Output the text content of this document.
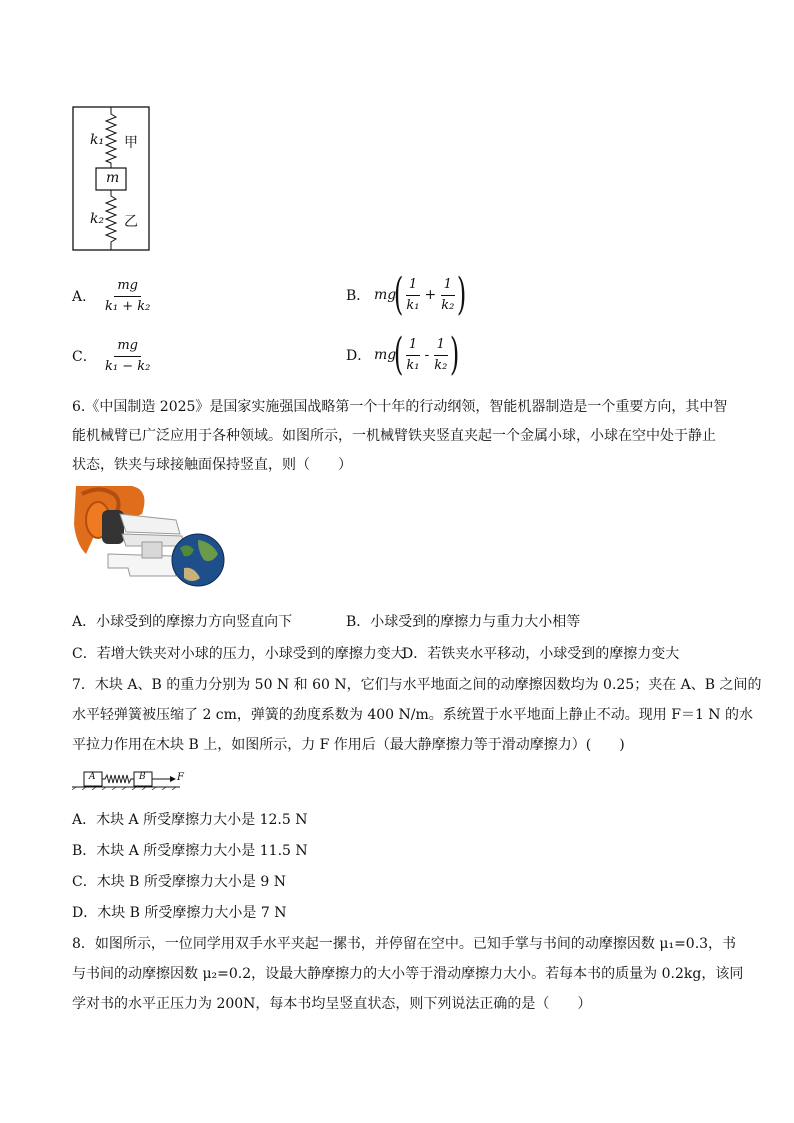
k₁ 甲
m
k₂ 乙
A． $\frac{mg}{\text{k₁ + k₂}}$	B． mg
( $\frac{1}{\text{k₁}} + \frac{1}{\text{k₂}}$ )
C． $\frac{mg}{\text{k₁ − k₂}}$	D． mg
( $\frac{1}{\text{k₁}} - \frac{1}{\text{k₂}}$ )
6.《中国制造 2025》是国家实施强国战略第一个十年的行动纲领，智能机器制造是一个重要方向，其中智
能机械臂已广泛应用于各种领域。如图所示，一机械臂铁夹竖直夹起一个金属小球，小球在空中处于静止
状态，铁夹与球接触面保持竖直，则（　　）
A．小球受到的摩擦力方向竖直向下	B．小球受到的摩擦力与重力大小相等
C．若增大铁夹对小球的压力，小球受到的摩擦力变大
D．若铁夹水平移动，小球受到的摩擦力变大
7．木块 A、B 的重力分别为 50 N 和 60 N，它们与水平地面之间的动摩擦因数均为 0.25；夹在 A、B 之间的
水平轻弹簧被压缩了 2 cm，弹簧的劲度系数为 400 N/m。系统置于水平地面上静止不动。现用 F＝1 N 的水
平拉力作用在木块 B 上，如图所示，力 F 作用后（最大静摩擦力等于滑动摩擦力）(　　)
A	B	F
A．木块 A 所受摩擦力大小是 12.5 N
B．木块 A 所受摩擦力大小是 11.5 N
C．木块 B 所受摩擦力大小是 9 N
D．木块 B 所受摩擦力大小是 7 N
8．如图所示，一位同学用双手水平夹起一摞书，并停留在空中。已知手掌与书间的动摩擦因数 μ₁=0.3，书
与书间的动摩擦因数 μ₂=0.2，设最大静摩擦力的大小等于滑动摩擦力大小。若每本书的质量为 0.2kg，该同
学对书的水平正压力为 200N，每本书均呈竖直状态，则下列说法正确的是（　　）
